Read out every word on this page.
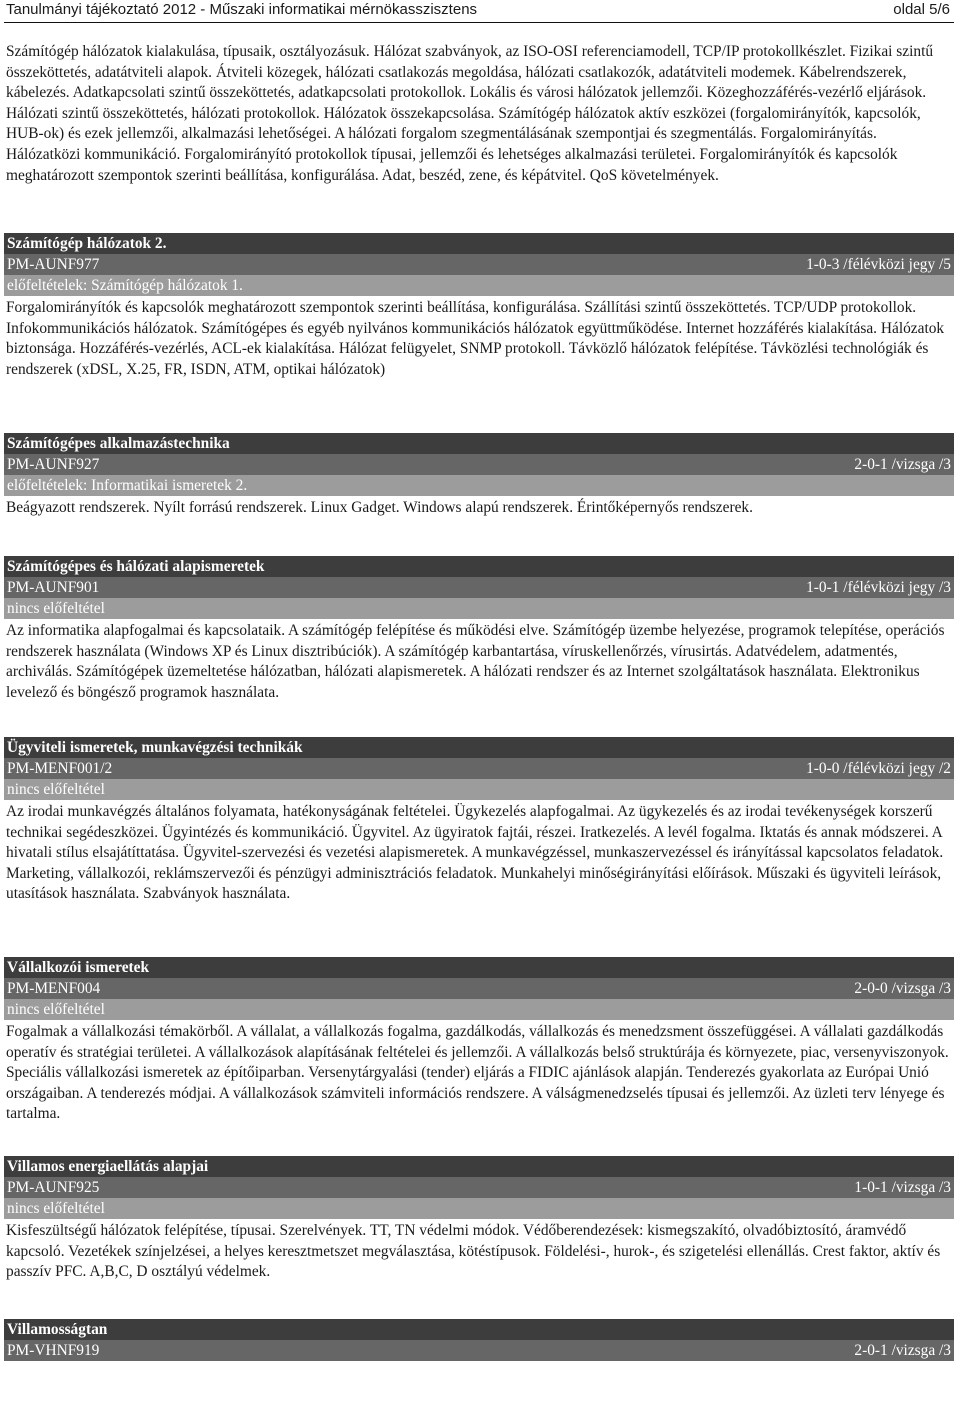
Tanulmányi tájékoztató 2012 - Műszaki informatikai mérnökasszisztens	oldal 5/6
Számítógép hálózatok kialakulása, típusaik, osztályozásuk. Hálózat szabványok, az ISO-OSI referenciamodell, TCP/IP protokollkészlet. Fizikai szintű összeköttetés, adatátviteli alapok. Átviteli közegek, hálózati csatlakozás megoldása, hálózati csatlakozók, adatátviteli modemek. Kábelrendszerek, kábelezés. Adatkapcsolati szintű összeköttetés, adatkapcsolati protokollok. Lokális és városi hálózatok jellemzői. Közeghozzáférés-vezérlő eljárások. Hálózati szintű összeköttetés, hálózati protokollok. Hálózatok összekapcsolása. Számítógép hálózatok aktív eszközei (forgalomirányítók, kapcsolók, HUB-ok) és ezek jellemzői, alkalmazási lehetőségei. A hálózati forgalom szegmentálásának szempontjai és szegmentálás. Forgalomirányítás. Hálózatközi kommunikáció. Forgalomirányító protokollok típusai, jellemzői és lehetséges alkalmazási területei. Forgalomirányítók és kapcsolók meghatározott szempontok szerinti beállítása, konfigurálása. Adat, beszéd, zene, és képátvitel. QoS követelmények.
Számítógép hálózatok 2.
PM-AUNF977	1-0-3 /félévközi jegy /5
előfeltételek: Számítógép hálózatok 1.
Forgalomirányítók és kapcsolók meghatározott szempontok szerinti beállítása, konfigurálása. Szállítási szintű összeköttetés. TCP/UDP protokollok. Infokommunikációs hálózatok. Számítógépes és egyéb nyilvános kommunikációs hálózatok együttműködése. Internet hozzáférés kialakítása. Hálózatok biztonsága. Hozzáférés-vezérlés, ACL-ek kialakítása. Hálózat felügyelet, SNMP protokoll. Távközlő hálózatok felépítése. Távközlési technológiák és rendszerek (xDSL, X.25, FR, ISDN, ATM, optikai hálózatok)
Számítógépes alkalmazástechnika
PM-AUNF927	2-0-1 /vizsga /3
előfeltételek: Informatikai ismeretek 2.
Beágyazott rendszerek. Nyílt forrású rendszerek. Linux Gadget. Windows alapú rendszerek. Érintőképernyős rendszerek.
Számítógépes és hálózati alapismeretek
PM-AUNF901	1-0-1 /félévközi jegy /3
nincs előfeltétel
Az informatika alapfogalmai és kapcsolataik. A számítógép felépítése és működési elve. Számítógép üzembe helyezése, programok telepítése, operációs rendszerek használata (Windows XP és Linux disztribúciók). A számítógép karbantartása, víruskellenőrzés, vírusirtás. Adatvédelem, adatmentés, archiválás. Számítógépek üzemeltetése hálózatban, hálózati alapismeretek. A hálózati rendszer és az Internet szolgáltatások használata. Elektronikus levelező és böngésző programok használata.
Ügyviteli ismeretek, munkavégzési technikák
PM-MENF001/2	1-0-0 /félévközi jegy /2
nincs előfeltétel
Az irodai munkavégzés általános folyamata, hatékonyságának feltételei. Ügykezelés alapfogalmai. Az ügykezelés és az irodai tevékenységek korszerű technikai segédeszközei. Ügyintézés és kommunikáció. Ügyvitel. Az ügyiratok fajtái, részei. Iratkezelés. A levél fogalma. Iktatás és annak módszerei. A hivatali stílus elsajátíttatása. Ügyvitel-szervezési és vezetési alapismeretek. A munkavégzéssel, munkaszervezéssel és irányítással kapcsolatos feladatok. Marketing, vállalkozói, reklámszervezői és pénzügyi adminisztrációs feladatok. Munkahelyi minőségirányítási előírások. Műszaki és ügyviteli leírások, utasítások használata. Szabványok használata.
Vállalkozói ismeretek
PM-MENF004	2-0-0 /vizsga /3
nincs előfeltétel
Fogalmak a vállalkozási témakörből. A vállalat, a vállalkozás fogalma, gazdálkodás, vállalkozás és menedzsment összefüggései. A vállalati gazdálkodás operatív és stratégiai területei. A vállalkozások alapításának feltételei és jellemzői. A vállalkozás belső struktúrája és környezete, piac, versenyviszonyok. Speciális vállalkozási ismeretek az építőiparban. Versenytárgyalási (tender) eljárás a FIDIC ajánlások alapján. Tenderezés gyakorlata az Európai Unió országaiban. A tenderezés módjai. A vállalkozások számviteli információs rendszere. A válságmenedzselés típusai és jellemzői. Az üzleti terv lényege és tartalma.
Villamos energiaellátás alapjai
PM-AUNF925	1-0-1 /vizsga /3
nincs előfeltétel
Kisfeszültségű hálózatok felépítése, típusai. Szerelvények. TT, TN védelmi módok. Védőberendezések: kismegszakító, olvadóbiztosító, áramvédő kapcsoló. Vezetékek színjelzései, a helyes keresztmetszet megválasztása, kötéstípusok. Földelési-, hurok-, és szigetelési ellenállás. Crest faktor, aktív és passzív PFC. A,B,C, D osztályú védelmek.
Villamosságtan
PM-VHNF919	2-0-1 /vizsga /3
